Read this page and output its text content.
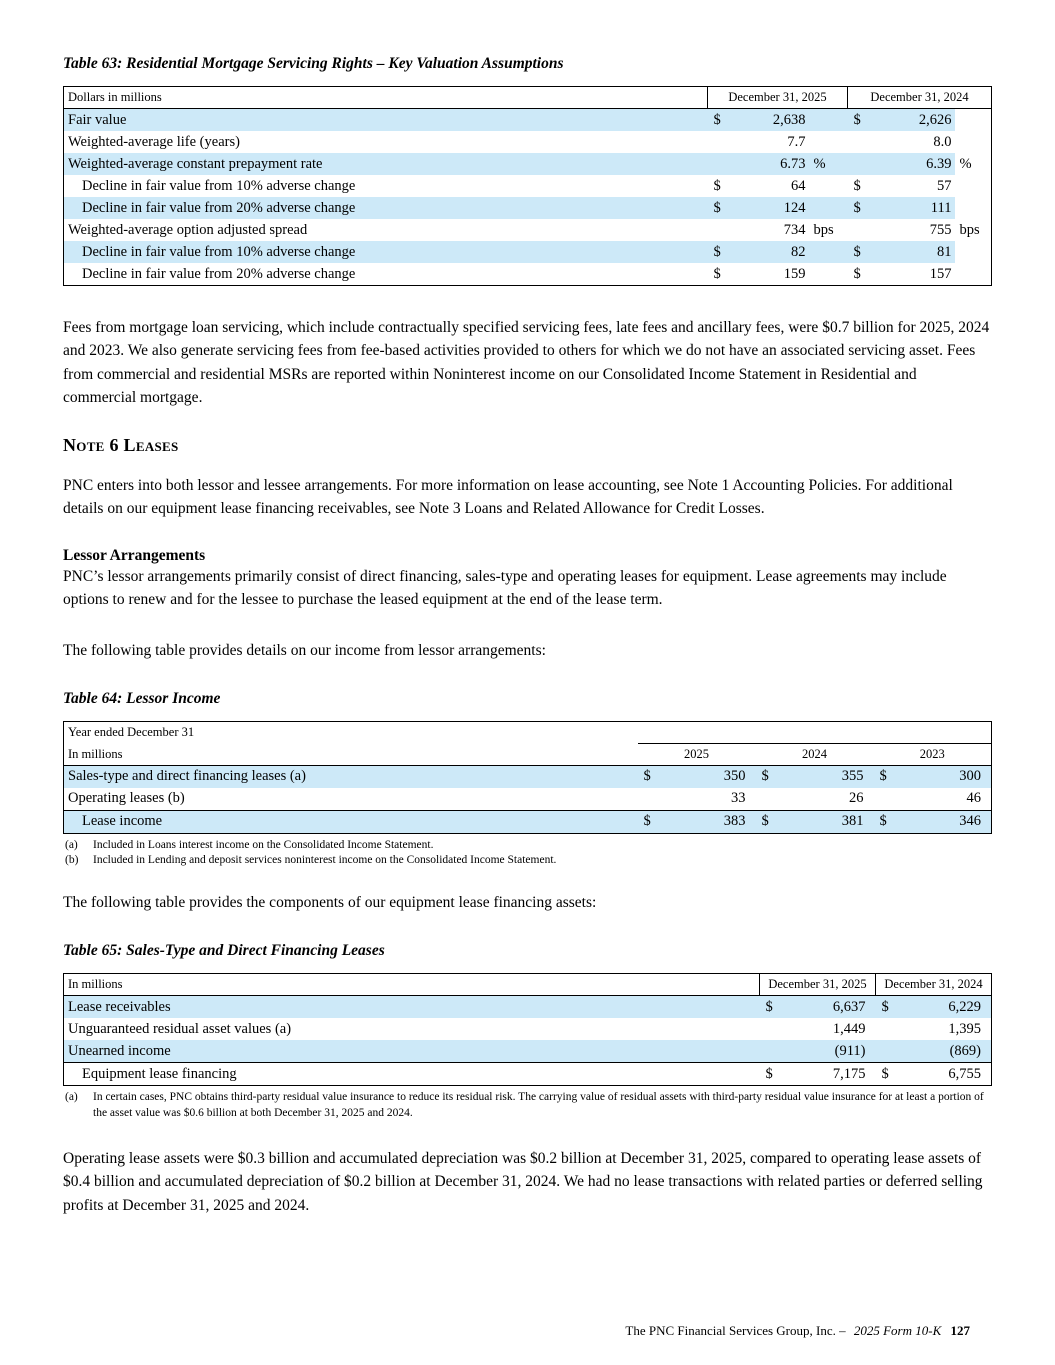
Table 63: Residential Mortgage Servicing Rights – Key Valuation Assumptions
Dollars in millions	December 31, 2025			December 31, 2024		
Fair value	$	2,638		$	2,626	
Weighted-average life (years)		7.7			8.0	
Weighted-average constant prepayment rate		6.73	%		6.39	%
Decline in fair value from 10% adverse change	$	64		$	57	
Decline in fair value from 20% adverse change	$	124		$	111	
Weighted-average option adjusted spread		734	bps		755	bps
Decline in fair value from 10% adverse change	$	82		$	81	
Decline in fair value from 20% adverse change	$	159		$	157	

Fees from mortgage loan servicing, which include contractually specified servicing fees, late fees and ancillary fees, were $0.7 billion for 2025, 2024 and 2023. We also generate servicing fees from fee-based activities provided to others for which we do not have an associated servicing asset. Fees from commercial and residential MSRs are reported within Noninterest income on our Consolidated Income Statement in Residential and commercial mortgage.

Note 6 Leases

PNC enters into both lessor and lessee arrangements. For more information on lease accounting, see Note 1 Accounting Policies. For additional details on our equipment lease financing receivables, see Note 3 Loans and Related Allowance for Credit Losses.

Lessor Arrangements

PNC’s lessor arrangements primarily consist of direct financing, sales-type and operating leases for equipment. Lease agreements may include options to renew and for the lessee to purchase the leased equipment at the end of the lease term.

The following table provides details on our income from lessor arrangements:

Table 64: Lessor Income
Year ended December 31						
In millions	2025		2024		2023	
Sales-type and direct financing leases (a)	$	350	$	355	$	300
Operating leases (b)		33		26		46
Lease income	$	383	$	381	$	346
(a)	Included in Loans interest income on the Consolidated Income Statement.
(b)	Included in Lending and deposit services noninterest income on the Consolidated Income Statement.

The following table provides the components of our equipment lease financing assets:

Table 65: Sales-Type and Direct Financing Leases
In millions	December 31, 2025		December 31, 2024	
Lease receivables	$	6,637	$	6,229
Unguaranteed residual asset values (a)		1,449		1,395
Unearned income		(911)		(869)
Equipment lease financing	$	7,175	$	6,755
(a)	In certain cases, PNC obtains third-party residual value insurance to reduce its residual risk. The carrying value of residual assets with third-party residual value insurance for at least a portion of the asset value was $0.6 billion at both December 31, 2025 and 2024.

Operating lease assets were $0.3 billion and accumulated depreciation was $0.2 billion at December 31, 2025, compared to operating lease assets of $0.4 billion and accumulated depreciation of $0.2 billion at December 31, 2024. We had no lease transactions with related parties or deferred selling profits at December 31, 2025 and 2024.

The PNC Financial Services Group, Inc. – 2025 Form 10-K 127
